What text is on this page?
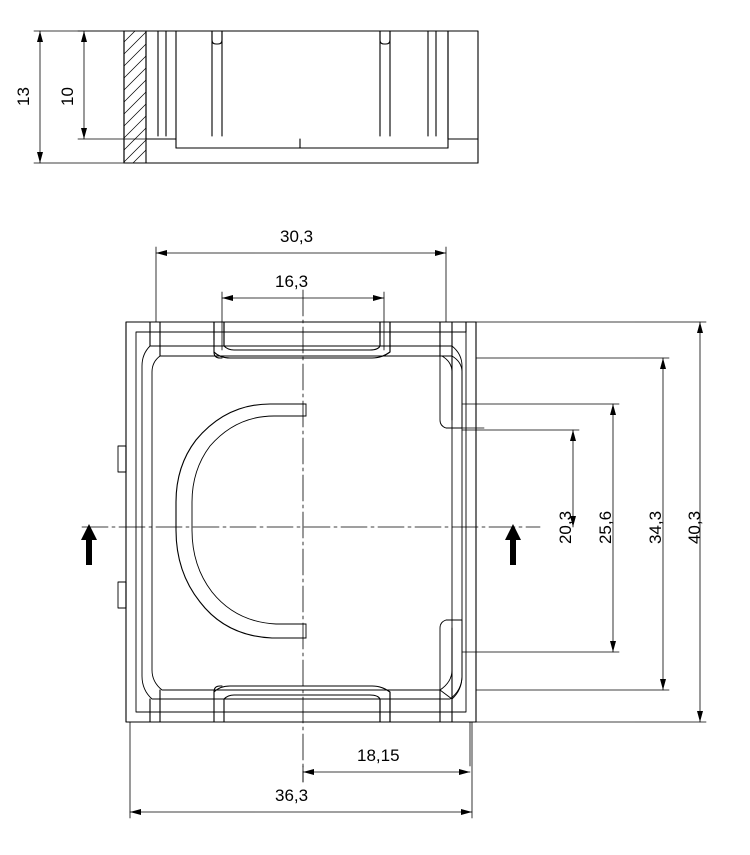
13 10
30,3
16,3
20,3 25,6 34,3 40,3
18,15
36,3
